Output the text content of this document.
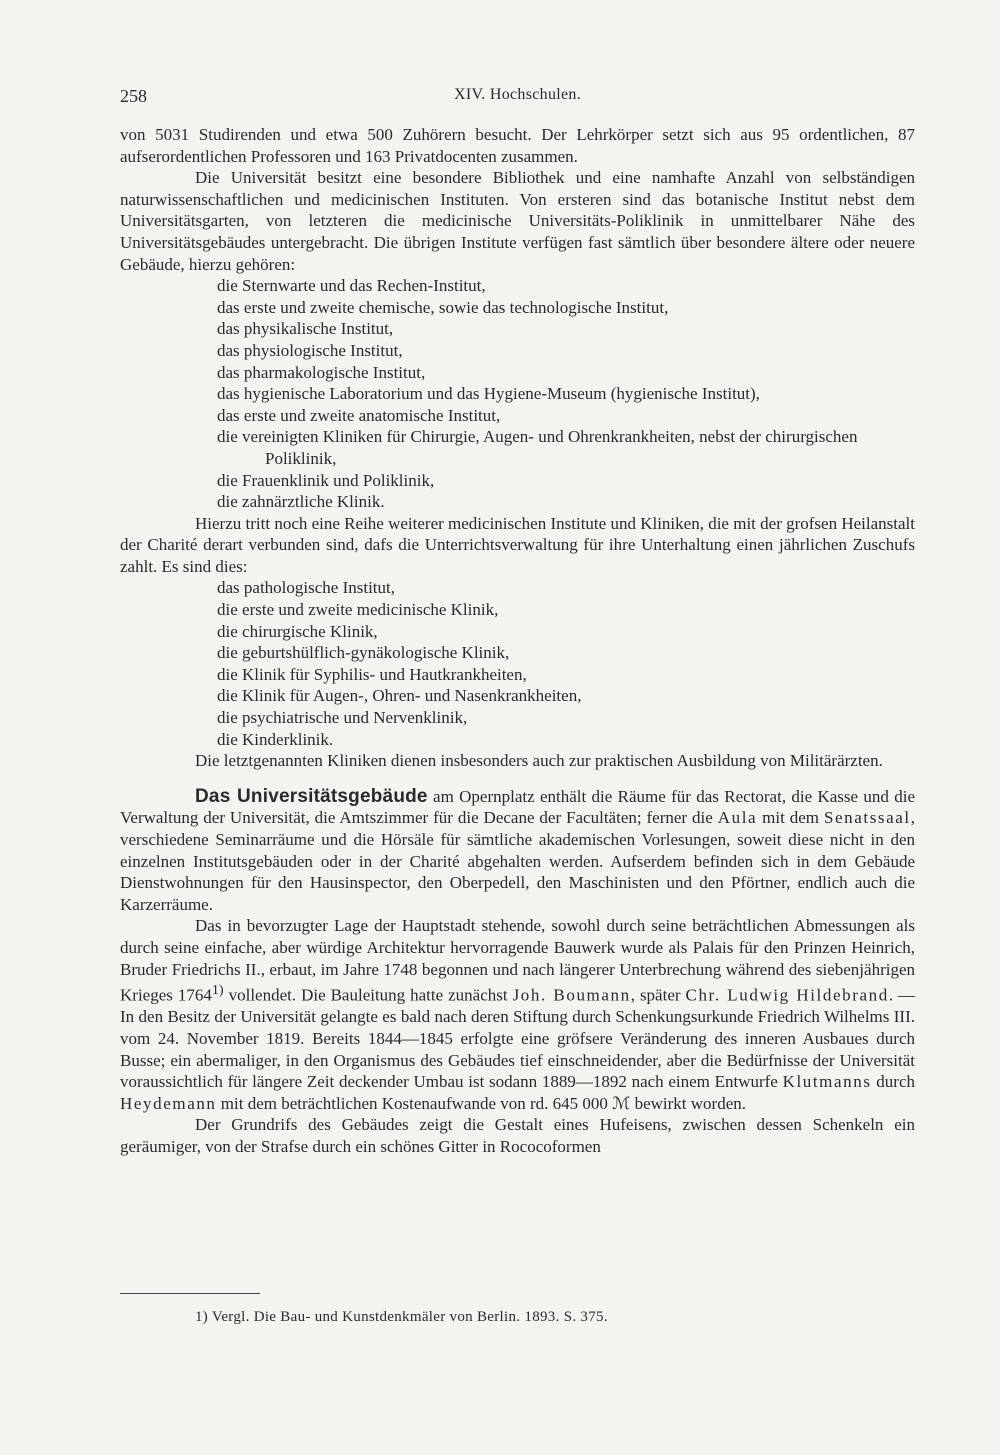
258	XIV. Hochschulen.

von 5031 Studirenden und etwa 500 Zuhörern besucht. Der Lehrkörper setzt sich aus 95 ordentlichen, 87 aufserordentlichen Professoren und 163 Privatdocenten zusammen.

Die Universität besitzt eine besondere Bibliothek und eine namhafte Anzahl von selbständigen naturwissenschaftlichen und medicinischen Instituten. Von ersteren sind das botanische Institut nebst dem Universitätsgarten, von letzteren die medicinische Universitäts-Poliklinik in unmittelbarer Nähe des Universitätsgebäudes untergebracht. Die übrigen Institute verfügen fast sämtlich über besondere ältere oder neuere Gebäude, hierzu gehören:

die Sternwarte und das Rechen-Institut,
das erste und zweite chemische, sowie das technologische Institut,
das physikalische Institut,
das physiologische Institut,
das pharmakologische Institut,
das hygienische Laboratorium und das Hygiene-Museum (hygienische Institut),
das erste und zweite anatomische Institut,
die vereinigten Kliniken für Chirurgie, Augen- und Ohrenkrankheiten, nebst der chirurgischen Poliklinik,
die Frauenklinik und Poliklinik,
die zahnärztliche Klinik.

Hierzu tritt noch eine Reihe weiterer medicinischen Institute und Kliniken, die mit der grofsen Heilanstalt der Charité derart verbunden sind, dafs die Unterrichtsverwaltung für ihre Unterhaltung einen jährlichen Zuschufs zahlt. Es sind dies:

das pathologische Institut,
die erste und zweite medicinische Klinik,
die chirurgische Klinik,
die geburtshülflich-gynäkologische Klinik,
die Klinik für Syphilis- und Hautkrankheiten,
die Klinik für Augen-, Ohren- und Nasenkrankheiten,
die psychiatrische und Nervenklinik,
die Kinderklinik.

Die letztgenannten Kliniken dienen insbesonders auch zur praktischen Ausbildung von Militärärzten.

Das Universitätsgebäude am Opernplatz enthält die Räume für das Rectorat, die Kasse und die Verwaltung der Universität, die Amtszimmer für die Decane der Facultäten; ferner die Aula mit dem Senatssaal, verschiedene Seminarräume und die Hörsäle für sämtliche akademischen Vorlesungen, soweit diese nicht in den einzelnen Institutsgebäuden oder in der Charité abgehalten werden. Aufserdem befinden sich in dem Gebäude Dienstwohnungen für den Hausinspector, den Oberpedell, den Maschinisten und den Pförtner, endlich auch die Karzerräume.

Das in bevorzugter Lage der Hauptstadt stehende, sowohl durch seine beträchtlichen Abmessungen als durch seine einfache, aber würdige Architektur hervorragende Bauwerk wurde als Palais für den Prinzen Heinrich, Bruder Friedrichs II., erbaut, im Jahre 1748 begonnen und nach längerer Unterbrechung während des siebenjährigen Krieges 1764$^{1)}$ vollendet. Die Bauleitung hatte zunächst Joh. Boumann, später Chr. Ludwig Hildebrand. — In den Besitz der Universität gelangte es bald nach deren Stiftung durch Schenkungsurkunde Friedrich Wilhelms III. vom 24. November 1819. Bereits 1844—1845 erfolgte eine gröfsere Veränderung des inneren Ausbaues durch Busse; ein abermaliger, in den Organismus des Gebäudes tief einschneidender, aber die Bedürfnisse der Universität voraussichtlich für längere Zeit deckender Umbau ist sodann 1889—1892 nach einem Entwurfe Klutmanns durch Heydemann mit dem beträchtlichen Kostenaufwande von rd. 645 000 ℳ bewirkt worden.

Der Grundrifs des Gebäudes zeigt die Gestalt eines Hufeisens, zwischen dessen Schenkeln ein geräumiger, von der Strafse durch ein schönes Gitter in Rococoformen

1) Vergl. Die Bau- und Kunstdenkmäler von Berlin. 1893. S. 375.
